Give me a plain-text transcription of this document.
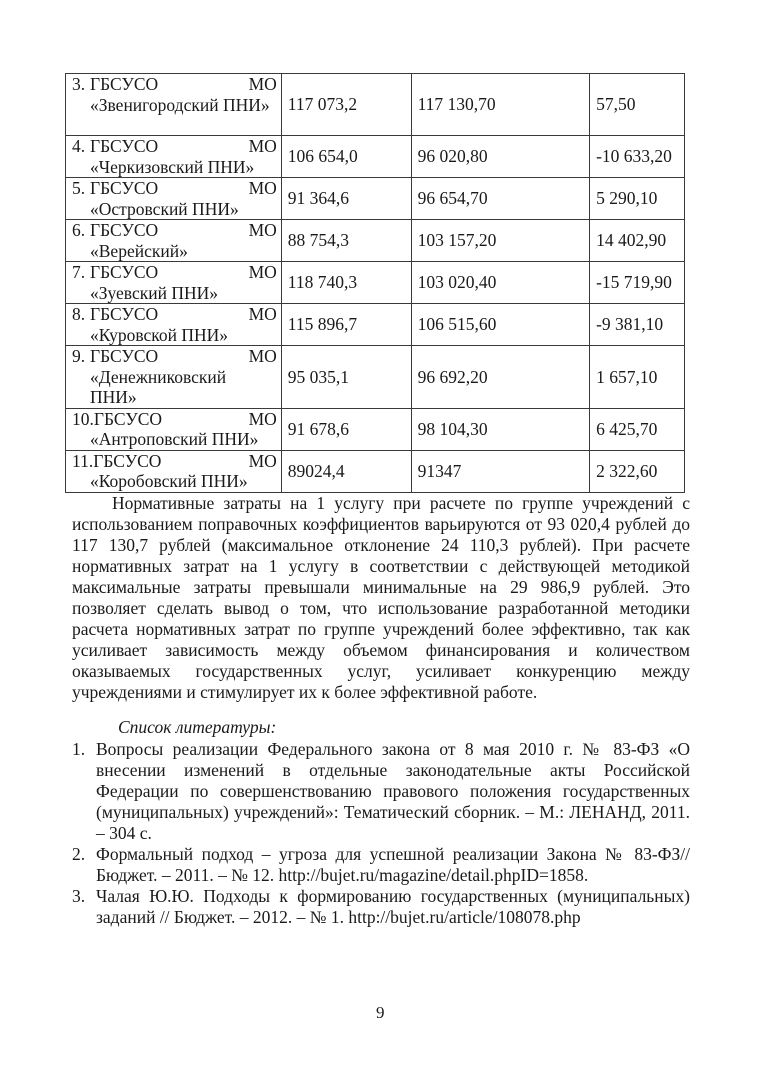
3. ГБСУСО МО
«Звенигородский ПНИ»	117 073,2	117 130,70	57,50

4. ГБСУСО МО
«Черкизовский ПНИ»	106 654,0	96 020,80	-10 633,20

5. ГБСУСО МО
«Островский ПНИ»	91 364,6	96 654,70	5 290,10

6. ГБСУСО МО
«Верейский»	88 754,3	103 157,20	14 402,90

7. ГБСУСО МО
«Зуевский ПНИ»	118 740,3	103 020,40	-15 719,90

8. ГБСУСО МО
«Куровской ПНИ»	115 896,7	106 515,60	-9 381,10

9. ГБСУСО МО
«Денежниковский ПНИ»	95 035,1	96 692,20	1 657,10

10.ГБСУСО МО
«Антроповский ПНИ»	91 678,6	98 104,30	6 425,70

11.ГБСУСО МО
«Коробовский ПНИ»	89024,4	91347	2 322,60
Нормативные затраты на 1 услугу при расчете по группе учреждений с использованием поправочных коэффициентов варьируются от 93 020,4 рублей до 117 130,7 рублей (максимальное отклонение 24 110,3 рублей). При расчете нормативных затрат на 1 услугу в соответствии с действующей методикой максимальные затраты превышали минимальные на 29 986,9 рублей. Это позволяет сделать вывод о том, что использование разработанной методики расчета нормативных затрат по группе учреждений более эффективно, так как усиливает зависимость между объемом финансирования и количеством оказываемых государственных услуг, усиливает конкуренцию между учреждениями и стимулирует их к более эффективной работе.
Список литературы:
1. Вопросы реализации Федерального закона от 8 мая 2010 г. № 83-ФЗ «О внесении изменений в отдельные законодательные акты Российской Федерации по совершенствованию правового положения государственных (муниципальных) учреждений»: Тематический сборник. – М.: ЛЕНАНД, 2011. – 304 с.
2. Формальный подход – угроза для успешной реализации Закона № 83-ФЗ// Бюджет. – 2011. – № 12. http://bujet.ru/magazine/detail.phpID=1858.
3. Чалая Ю.Ю. Подходы к формированию государственных (муниципальных) заданий // Бюджет. – 2012. – № 1. http://bujet.ru/article/108078.php
9
